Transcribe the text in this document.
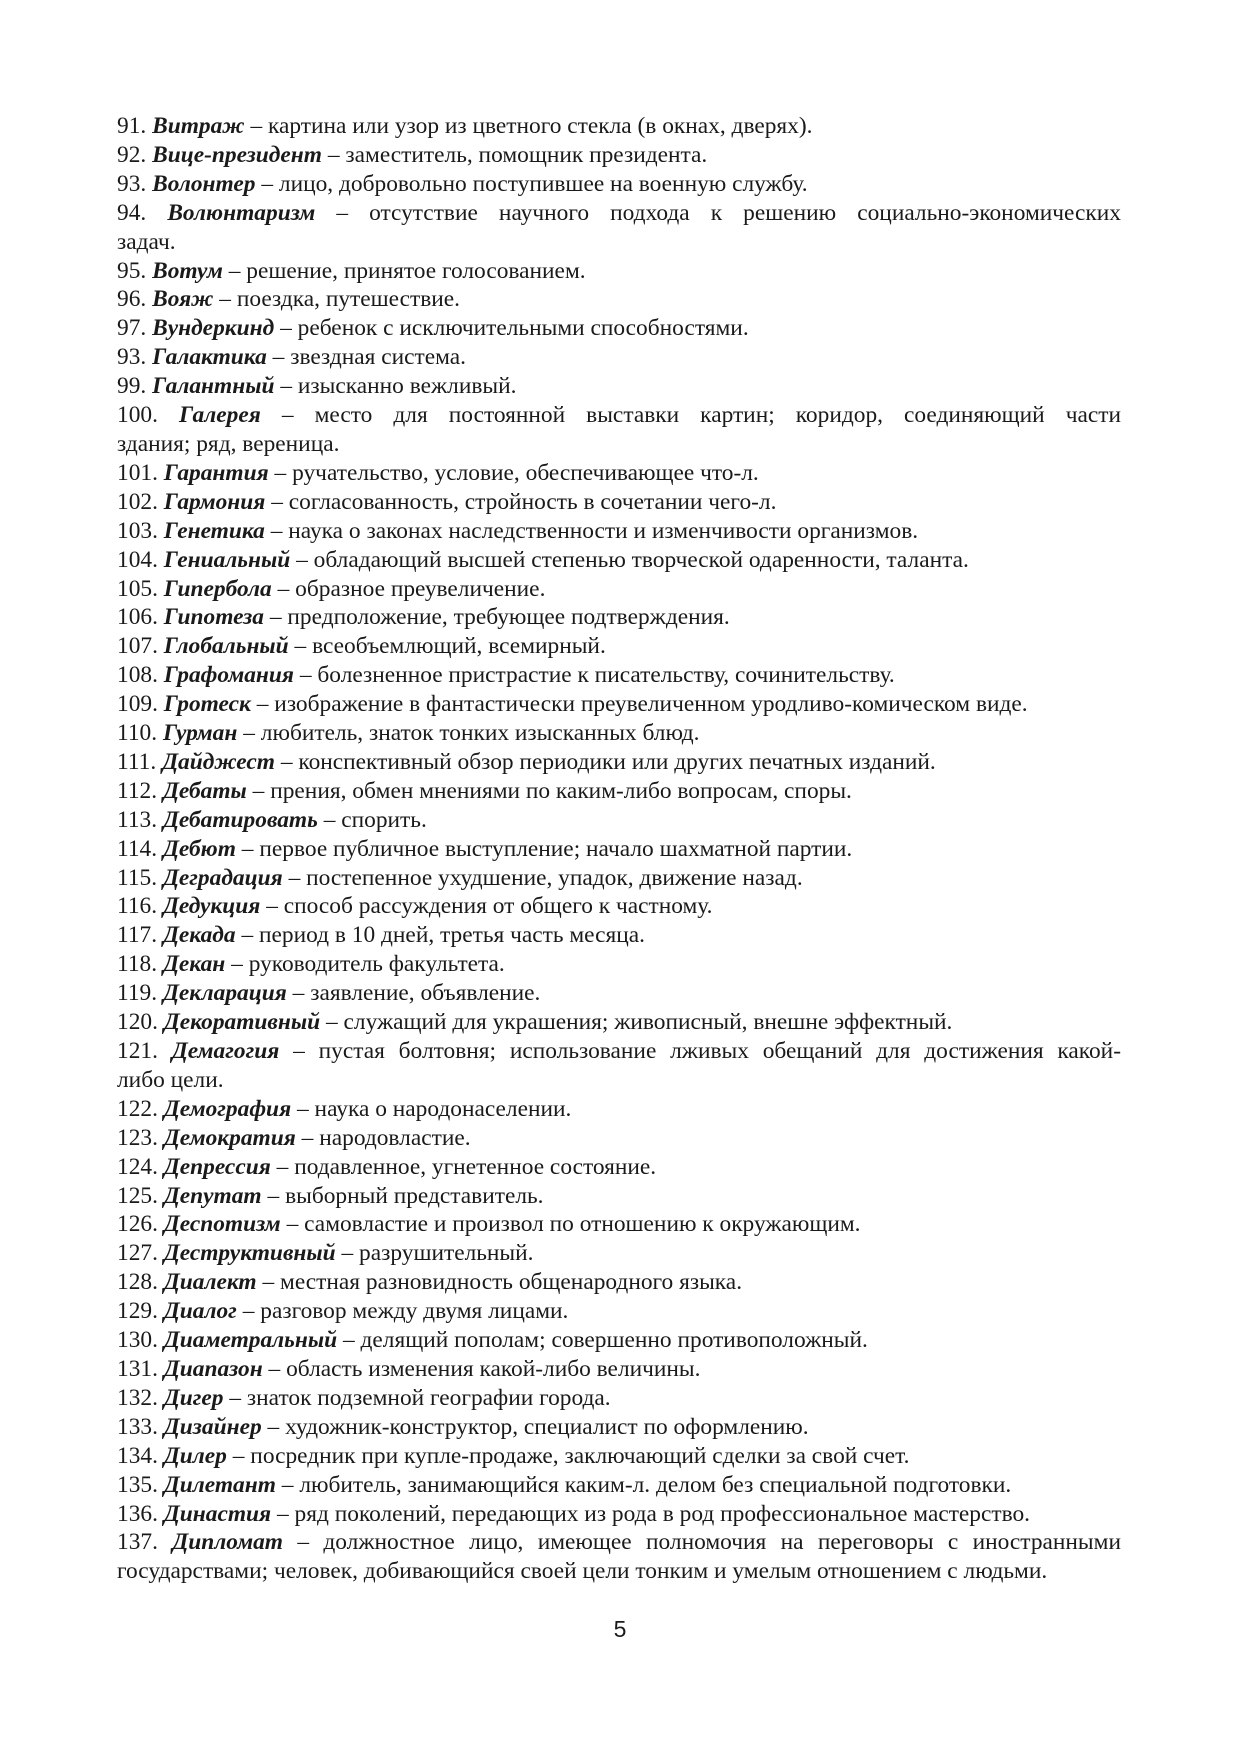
91. Витраж – картина или узор из цветного стекла (в окнах, дверях).

92. Вице-президент – заместитель, помощник президента.

93. Волонтер – лицо, добровольно поступившее на военную службу.

94. Волюнтаризм – отсутствие научного подхода к решению социально-экономических

задач.

95. Вотум – решение, принятое голосованием.

96. Вояж – поездка, путешествие.

97. Вундеркинд – ребенок с исключительными способностями.

93. Галактика – звездная система.

99. Галантный – изысканно вежливый.

100. Галерея – место для постоянной выставки картин; коридор, соединяющий части

здания; ряд, вереница.

101. Гарантия – ручательство, условие, обеспечивающее что-л.

102. Гармония – согласованность, стройность в сочетании чего-л.

103. Генетика – наука о законах наследственности и изменчивости организмов.

104. Гениальный – обладающий высшей степенью творческой одаренности, таланта.

105. Гипербола – образное преувеличение.

106. Гипотеза – предположение, требующее подтверждения.

107. Глобальный – всеобъемлющий, всемирный.

108. Графомания – болезненное пристрастие к писательству, сочинительству.

109. Гротеск – изображение в фантастически преувеличенном уродливо-комическом виде.

110. Гурман – любитель, знаток тонких изысканных блюд.

111. Дайджест – конспективный обзор периодики или других печатных изданий.

112. Дебаты – прения, обмен мнениями по каким-либо вопросам, споры.

113. Дебатировать – спорить.

114. Дебют – первое публичное выступление; начало шахматной партии.

115. Деградация – постепенное ухудшение, упадок, движение назад.

116. Дедукция – способ рассуждения от общего к частному.

117. Декада – период в 10 дней, третья часть месяца.

118. Декан – руководитель факультета.

119. Декларация – заявление, объявление.

120. Декоративный – служащий для украшения; живописный, внешне эффектный.

121. Демагогия – пустая болтовня; использование лживых обещаний для достижения какой-

либо цели.

122. Демография – наука о народонаселении.

123. Демократия – народовластие.

124. Депрессия – подавленное, угнетенное состояние.

125. Депутат – выборный представитель.

126. Деспотизм – самовластие и произвол по отношению к окружающим.

127. Деструктивный – разрушительный.

128. Диалект – местная разновидность общенародного языка.

129. Диалог – разговор между двумя лицами.

130. Диаметральный – делящий пополам; совершенно противоположный.

131. Диапазон – область изменения какой-либо величины.

132. Дигер – знаток подземной географии города.

133. Дизайнер – художник-конструктор, специалист по оформлению.

134. Дилер – посредник при купле-продаже, заключающий сделки за свой счет.

135. Дилетант – любитель, занимающийся каким-л. делом без специальной подготовки.

136. Династия – ряд поколений, передающих из рода в род профессиональное мастерство.

137. Дипломат – должностное лицо, имеющее полномочия на переговоры с иностранными

государствами; человек, добивающийся своей цели тонким и умелым отношением с людьми.

5
